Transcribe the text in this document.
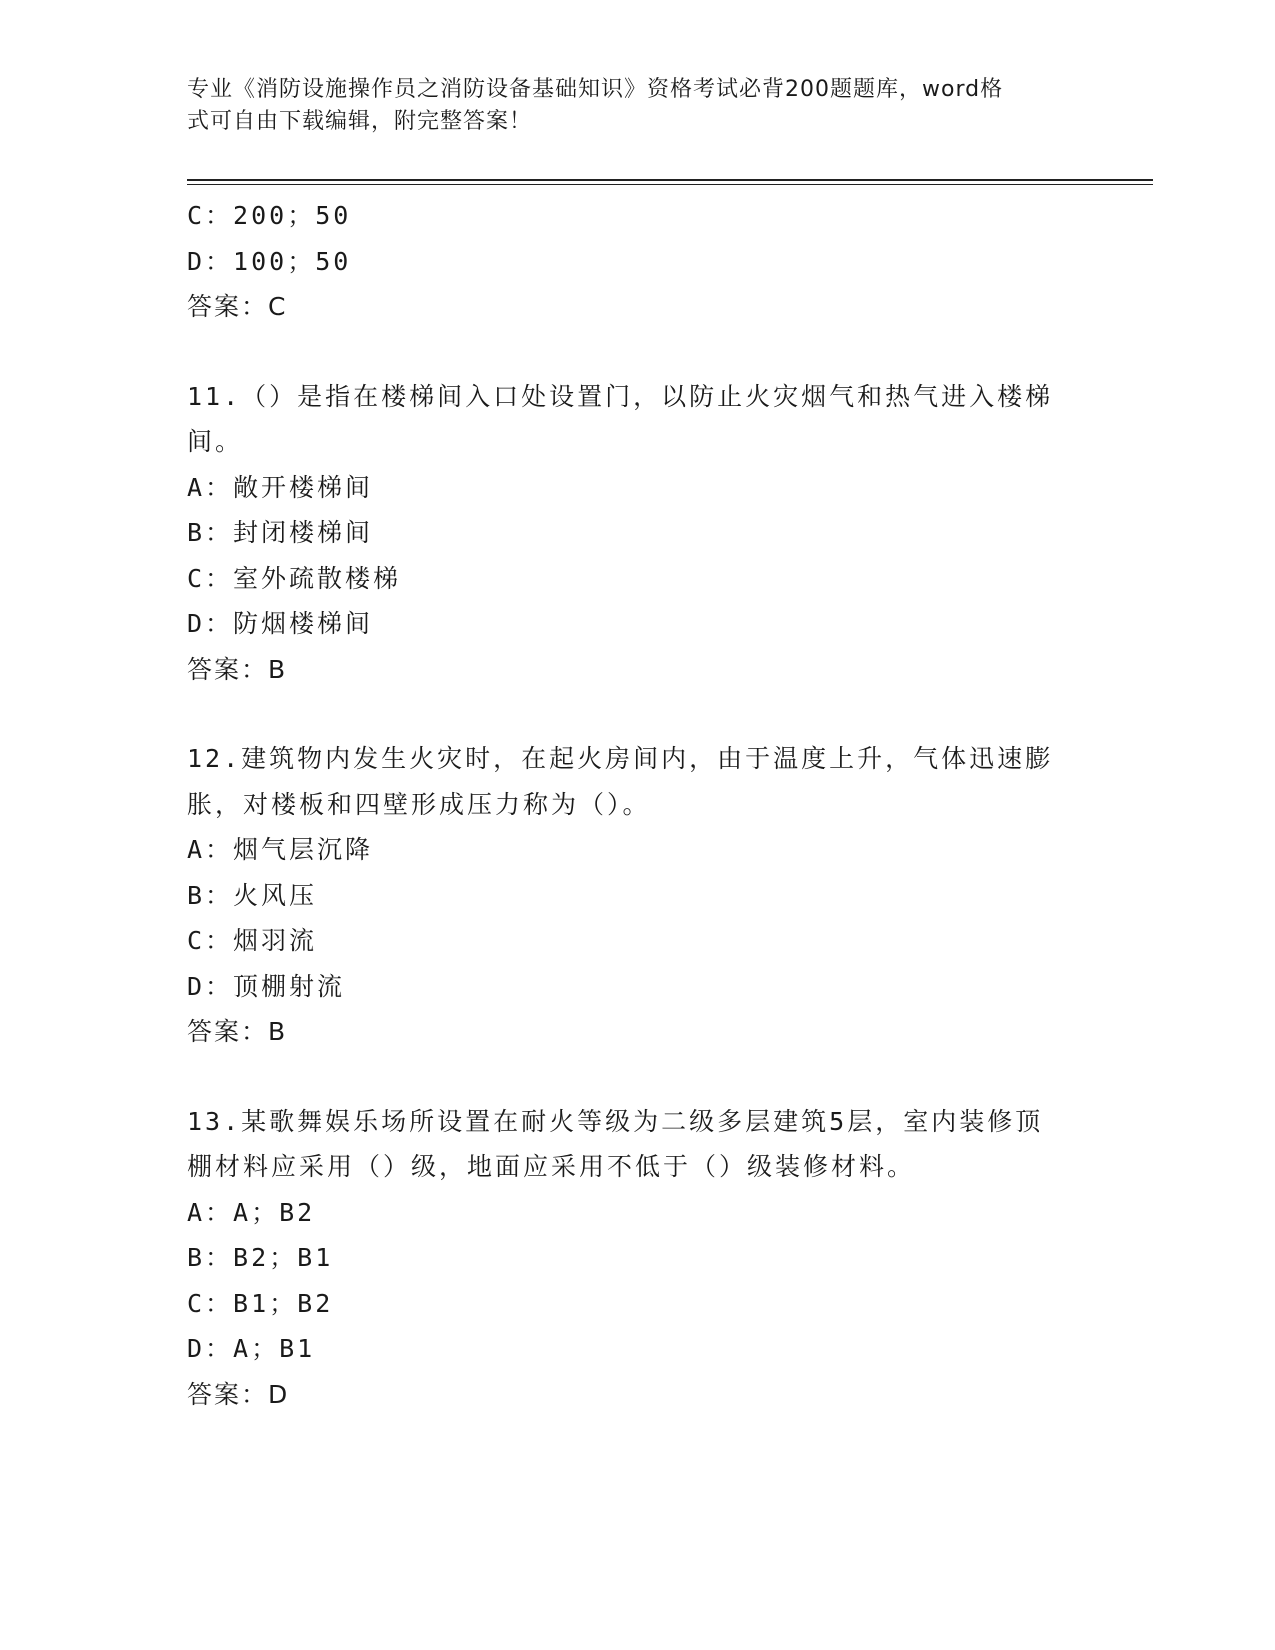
专业《消防设施操作员之消防设备基础知识》资格考试必背200题题库，word格
式可自由下载编辑，附完整答案！
C：200；50
D：100；50
答案：C
11.（）是指在楼梯间入口处设置门，以防止火灾烟气和热气进入楼梯
间。
A：敞开楼梯间
B：封闭楼梯间
C：室外疏散楼梯
D：防烟楼梯间
答案：B
12.建筑物内发生火灾时，在起火房间内，由于温度上升，气体迅速膨
胀，对楼板和四壁形成压力称为（）。
A：烟气层沉降
B：火风压
C：烟羽流
D：顶棚射流
答案：B
13.某歌舞娱乐场所设置在耐火等级为二级多层建筑5层，室内装修顶
棚材料应采用（）级，地面应采用不低于（）级装修材料。
A：A；B2
B：B2；B1
C：B1；B2
D：A；B1
答案：D
